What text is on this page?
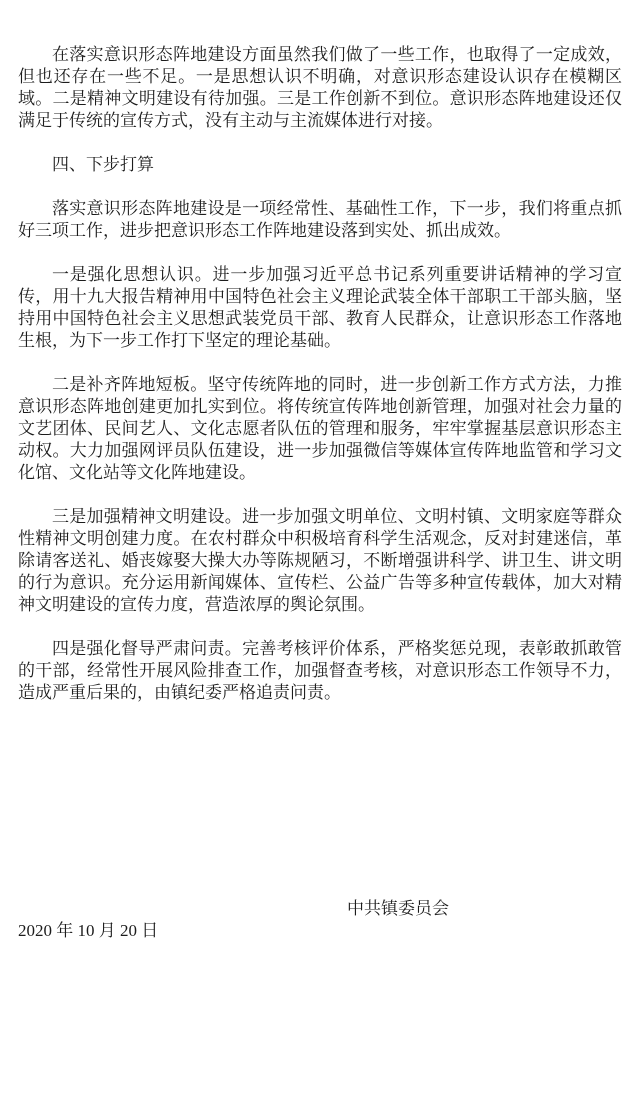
在落实意识形态阵地建设方面虽然我们做了一些工作，也取得了一定成效，但也还存在一些不足。一是思想认识不明确，对意识形态建设认识存在模糊区域。二是精神文明建设有待加强。三是工作创新不到位。意识形态阵地建设还仅满足于传统的宣传方式，没有主动与主流媒体进行对接。

四、下步打算

落实意识形态阵地建设是一项经常性、基础性工作，下一步，我们将重点抓好三项工作，进步把意识形态工作阵地建设落到实处、抓出成效。

一是强化思想认识。进一步加强习近平总书记系列重要讲话精神的学习宣传，用十九大报告精神用中国特色社会主义理论武装全体干部职工干部头脑，坚持用中国特色社会主义思想武装党员干部、教育人民群众，让意识形态工作落地生根，为下一步工作打下坚定的理论基础。

二是补齐阵地短板。坚守传统阵地的同时，进一步创新工作方式方法，力推意识形态阵地创建更加扎实到位。将传统宣传阵地创新管理，加强对社会力量的文艺团体、民间艺人、文化志愿者队伍的管理和服务，牢牢掌握基层意识形态主动权。大力加强网评员队伍建设，进一步加强微信等媒体宣传阵地监管和学习文化馆、文化站等文化阵地建设。

三是加强精神文明建设。进一步加强文明单位、文明村镇、文明家庭等群众性精神文明创建力度。在农村群众中积极培育科学生活观念，反对封建迷信，革除请客送礼、婚丧嫁娶大操大办等陈规陋习，不断增强讲科学、讲卫生、讲文明的行为意识。充分运用新闻媒体、宣传栏、公益广告等多种宣传载体，加大对精神文明建设的宣传力度，营造浓厚的舆论氛围。

四是强化督导严肃问责。完善考核评价体系，严格奖惩兑现，表彰敢抓敢管的干部，经常性开展风险排查工作，加强督查考核，对意识形态工作领导不力，造成严重后果的，由镇纪委严格追责问责。

中共镇委员会
2020 年 10 月 20 日
